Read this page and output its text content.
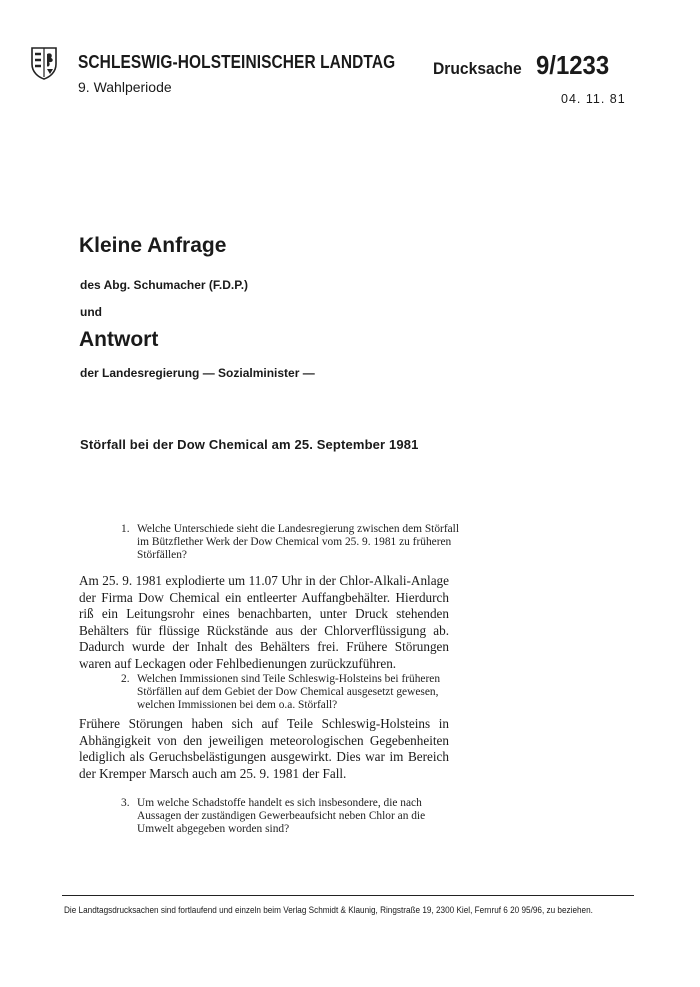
SCHLESWIG-HOLSTEINISCHER LANDTAG
9. Wahlperiode
Drucksache 9/1233
04. 11. 81
Kleine Anfrage
des Abg. Schumacher (F.D.P.)
und
Antwort
der Landesregierung — Sozialminister —
Störfall bei der Dow Chemical am 25. September 1981
1. Welche Unterschiede sieht die Landesregierung zwischen dem Störfall im Bützflether Werk der Dow Chemical vom 25. 9. 1981 zu früheren Störfällen?
Am 25. 9. 1981 explodierte um 11.07 Uhr in der Chlor-Alkali-Anlage der Firma Dow Chemical ein entleerter Auffangbehälter. Hierdurch riß ein Leitungsrohr eines benachbarten, unter Druck stehenden Behälters für flüssige Rückstände aus der Chlorverflüssigung ab. Dadurch wurde der Inhalt des Behälters frei. Frühere Störungen waren auf Leckagen oder Fehlbedienungen zurückzuführen.
2. Welchen Immissionen sind Teile Schleswig-Holsteins bei früheren Störfällen auf dem Gebiet der Dow Chemical ausgesetzt gewesen, welchen Immissionen bei dem o.a. Störfall?
Frühere Störungen haben sich auf Teile Schleswig-Holsteins in Abhängigkeit von den jeweiligen meteorologischen Gegebenheiten lediglich als Geruchsbelästigungen ausgewirkt. Dies war im Bereich der Kremper Marsch auch am 25. 9. 1981 der Fall.
3. Um welche Schadstoffe handelt es sich insbesondere, die nach Aussagen der zuständigen Gewerbeaufsicht neben Chlor an die Umwelt abgegeben worden sind?
Die Landtagsdrucksachen sind fortlaufend und einzeln beim Verlag Schmidt & Klaunig, Ringstraße 19, 2300 Kiel, Fernruf 6 20 95/96, zu beziehen.
